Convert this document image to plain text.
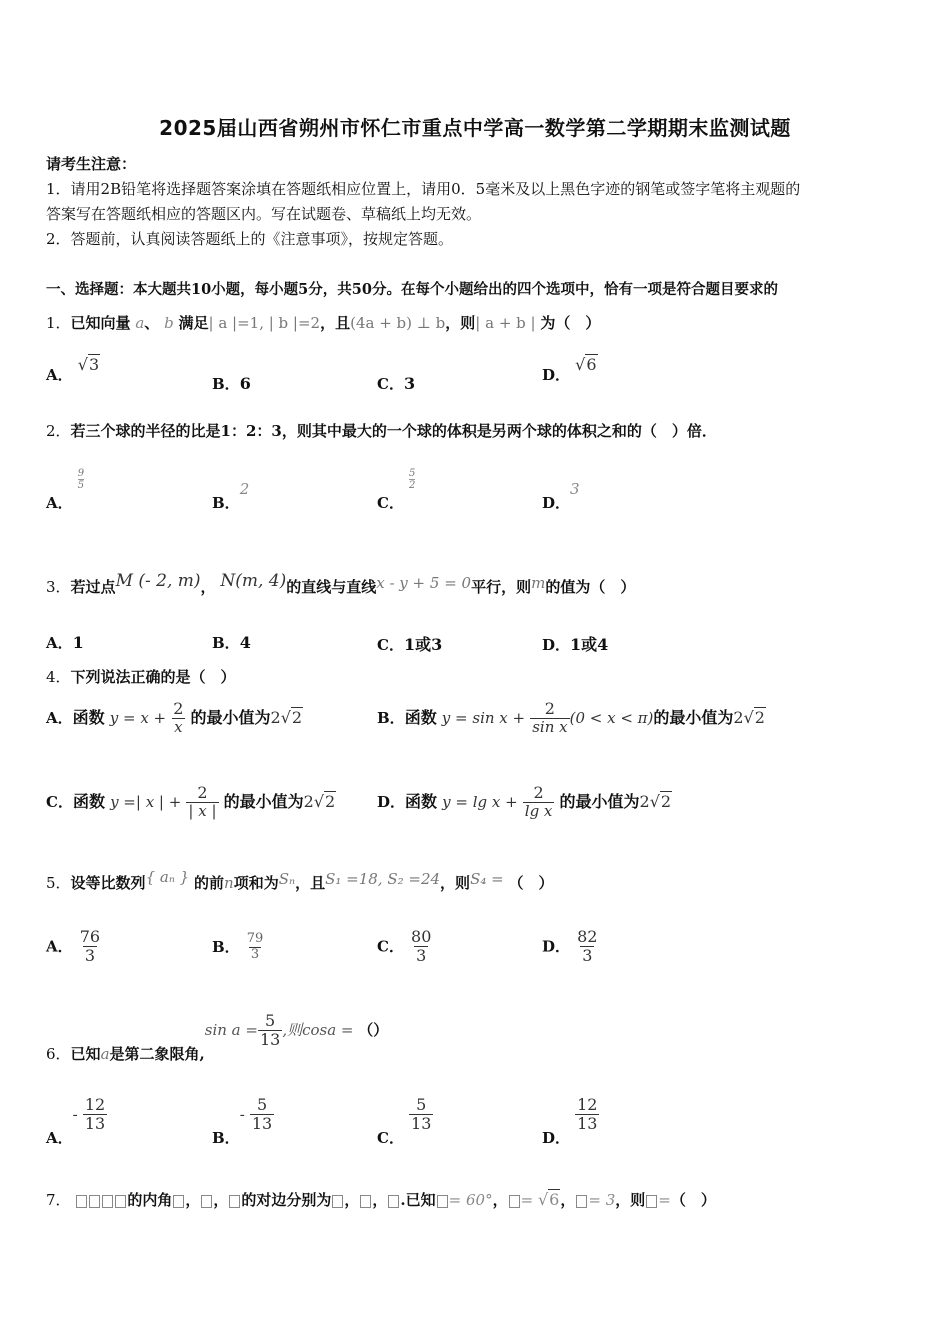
2025届山西省朔州市怀仁市重点中学高一数学第二学期期末监测试题
请考生注意：
1．请用2B铅笔将选择题答案涂填在答题纸相应位置上，请用0．5毫米及以上黑色字迹的钢笔或签字笔将主观题的
答案写在答题纸相应的答题区内。写在试题卷、草稿纸上均无效。
2．答题前，认真阅读答题纸上的《注意事项》，按规定答题。
一、选择题：本大题共10小题，每小题5分，共50分。在每个小题给出的四个选项中，恰有一项是符合题目要求的
1．已知向量 a、 b 满足| a |=1, | b |=2，且(4a + b) ⊥ b，则| a + b | 为（　）
A． √3
B．6	C．3	D． √6
2．若三个球的半径的比是1：2：3，则其中最大的一个球的体积是另两个球的体积之和的（　）倍．
A．
$\frac{9}{5}$
B．2
C．
$\frac{5}{2}$
D．3
3．若过点M (- 2, m)， N(m, 4)的直线与直线x - y + 5 = 0平行，则m的值为（　）
A．1	B．4	C．1或3	D．1或4
4．下列说法正确的是（　）
A．函数 $y = x + \frac{2}{x}$ 的最小值为2√2	B．函数 $y = \sin x + \frac{2}{\text{sin x}} (0 < x < \pi)$的最小值为2√2
C．函数 y =| x | + $\frac{2}{| x |}$ 的最小值为2√2	D．函数 $y = \lg x + \frac{2}{\text{lg x}}$ 的最小值为2√2
5．设等比数列{ aₙ } 的前n项和为Sₙ，且S₁ =18, S₂ =24，则S₄ = （　）
A． $\frac{76}{3}$	B． $\frac{79}{3}$	C． $\frac{80}{3}$	D． $\frac{82}{3}$
6．已知a是第二象限角,sin $a = \frac{5}{13}$ ,则cosa = （）
A．- $\frac{12}{13}$
B．- $\frac{5}{13}$
C．
$\frac{5}{13}$
D．
$\frac{12}{13}$
7．	的内角 ， ， 的对边分别为 ， ， .已知 = 60°， = √6， = 3，则 =（　）
